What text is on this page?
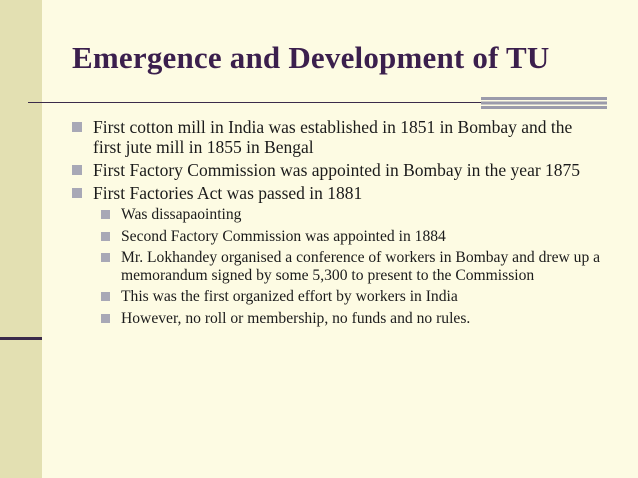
Emergence and Development of TU
First cotton mill in India was established in 1851 in Bombay and the first jute mill in 1855 in Bengal
First Factory Commission was appointed in Bombay in the year 1875
First Factories Act was passed in 1881
Was dissapaointing
Second Factory Commission was appointed in 1884
Mr. Lokhandey organised a conference of workers in Bombay and drew up a memorandum signed by some 5,300 to present to the Commission
This was the first organized effort by workers in India
However, no roll or membership, no funds and no rules.
